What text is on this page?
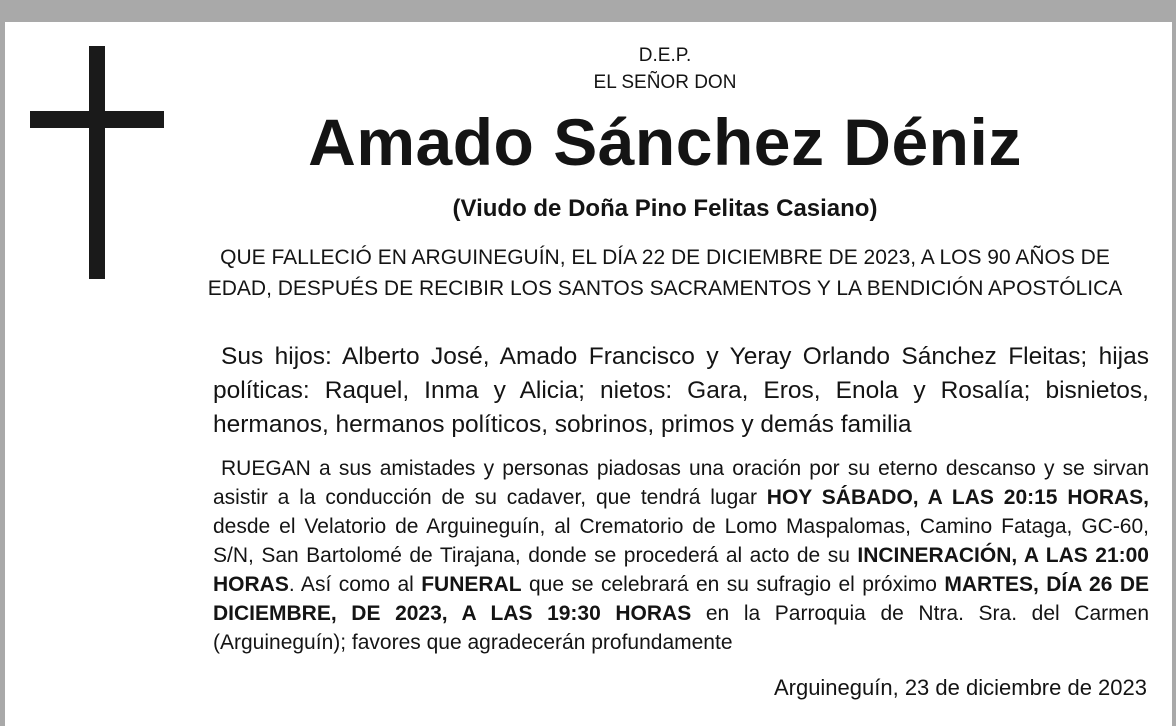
D.E.P.
EL SEÑOR DON
Amado Sánchez Déniz
(Viudo de Doña Pino Felitas Casiano)
QUE FALLECIÓ EN ARGUINEGUÍN, EL DÍA 22 DE DICIEMBRE DE 2023, A LOS 90 AÑOS DE EDAD, DESPUÉS DE RECIBIR LOS SANTOS SACRAMENTOS Y LA BENDICIÓN APOSTÓLICA
Sus hijos: Alberto José, Amado Francisco y Yeray Orlando Sánchez Fleitas; hijas políticas: Raquel, Inma y Alicia; nietos: Gara, Eros, Enola y Rosalía; bisnietos, hermanos, hermanos políticos, sobrinos, primos y demás familia
RUEGAN a sus amistades y personas piadosas una oración por su eterno descanso y se sirvan asistir a la conducción de su cadaver, que tendrá lugar HOY SÁBADO, A LAS 20:15 HORAS, desde el Velatorio de Arguineguín, al Crematorio de Lomo Maspalomas, Camino Fataga, GC-60, S/N, San Bartolomé de Tirajana, donde se procederá al acto de su INCINERACIÓN, A LAS 21:00 HORAS. Así como al FUNERAL que se celebrará en su sufragio el próximo MARTES, DÍA 26 DE DICIEMBRE, DE 2023, A LAS 19:30 HORAS en la Parroquia de Ntra. Sra. del Carmen (Arguineguín); favores que agradecerán profundamente
Arguineguín, 23 de diciembre de 2023
